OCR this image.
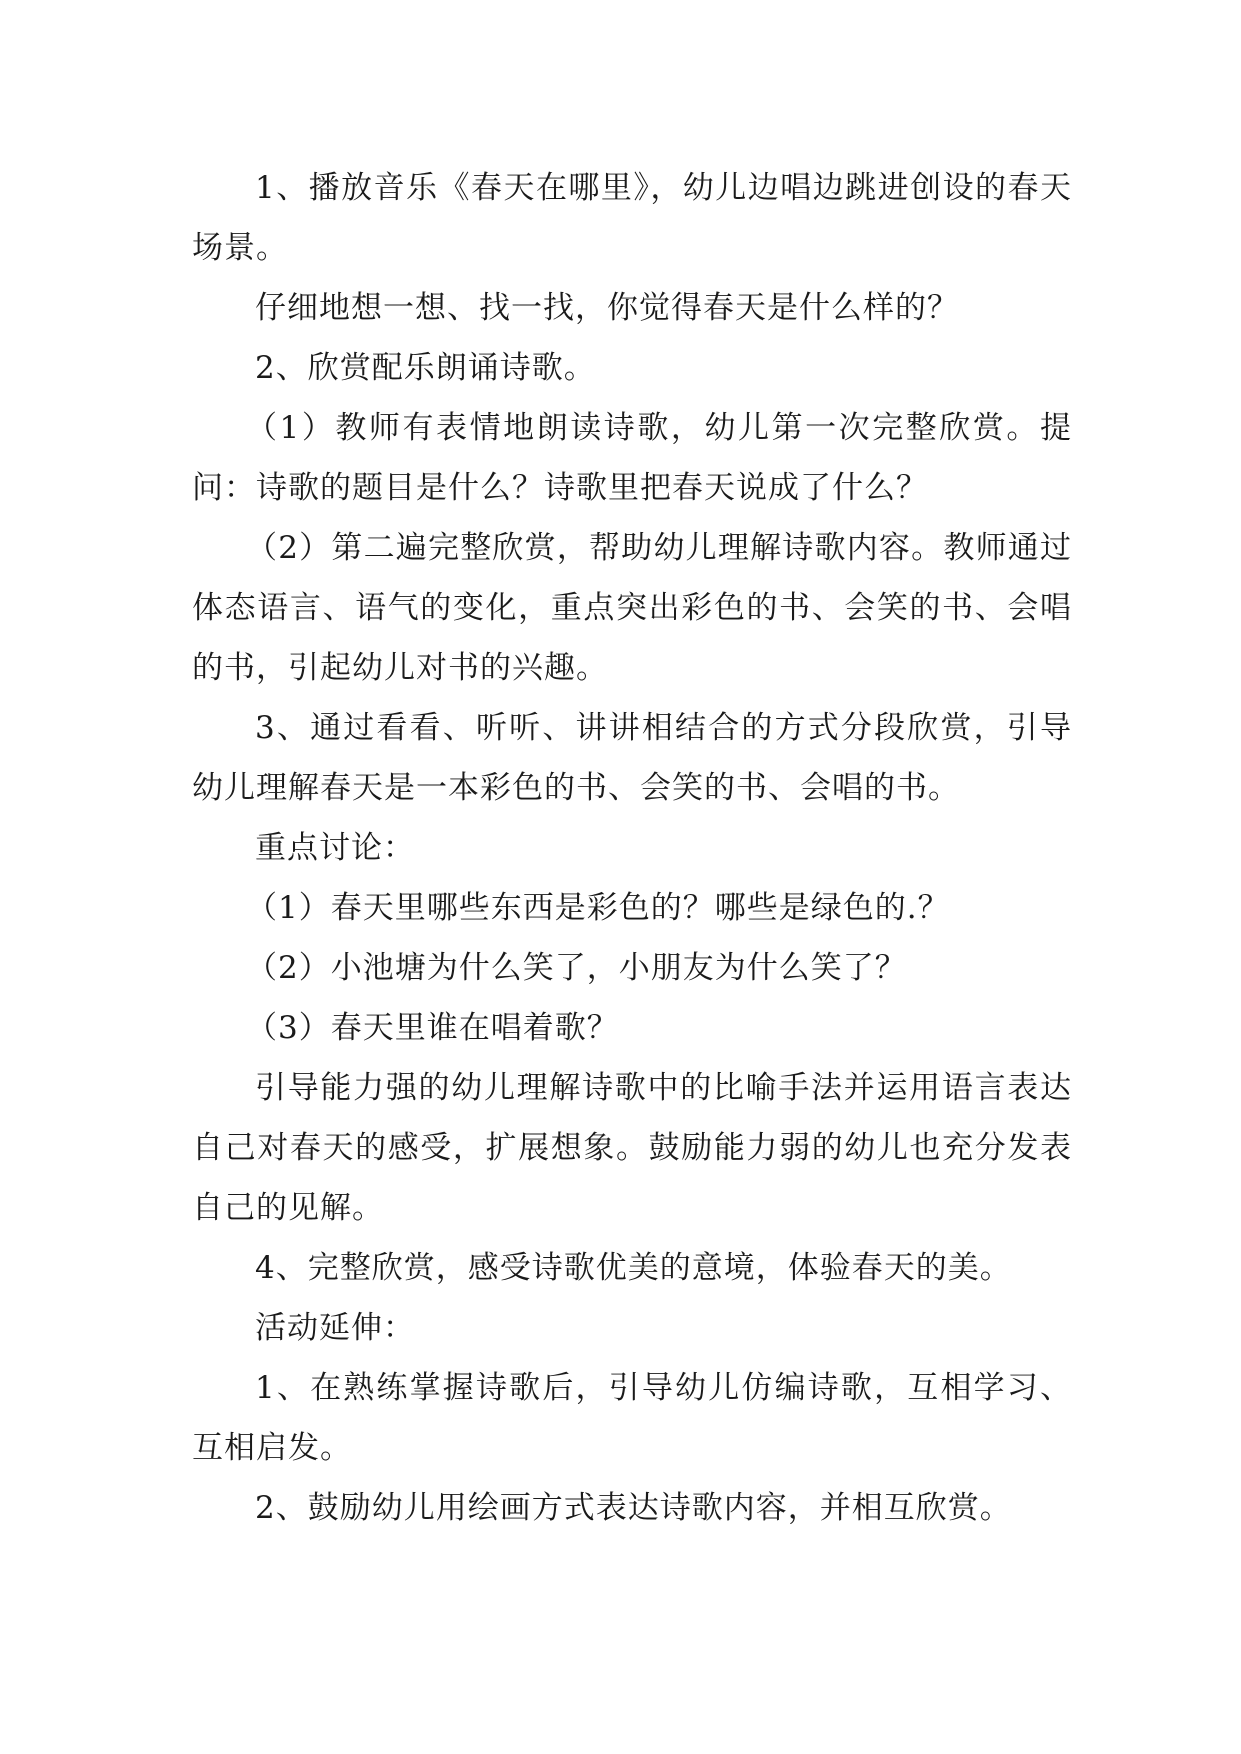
1、播放音乐《春天在哪里》，幼儿边唱边跳进创设的春天场景。

仔细地想一想、找一找，你觉得春天是什么样的？

2、欣赏配乐朗诵诗歌。

（1）教师有表情地朗读诗歌，幼儿第一次完整欣赏。提问：诗歌的题目是什么？诗歌里把春天说成了什么？

（2）第二遍完整欣赏，帮助幼儿理解诗歌内容。教师通过体态语言、语气的变化，重点突出彩色的书、会笑的书、会唱的书，引起幼儿对书的兴趣。

3、通过看看、听听、讲讲相结合的方式分段欣赏，引导幼儿理解春天是一本彩色的书、会笑的书、会唱的书。

重点讨论：

（1）春天里哪些东西是彩色的？哪些是绿色的.？

（2）小池塘为什么笑了，小朋友为什么笑了？

（3）春天里谁在唱着歌？

引导能力强的幼儿理解诗歌中的比喻手法并运用语言表达自己对春天的感受，扩展想象。鼓励能力弱的幼儿也充分发表自己的见解。

4、完整欣赏，感受诗歌优美的意境，体验春天的美。

活动延伸：

1、在熟练掌握诗歌后，引导幼儿仿编诗歌，互相学习、互相启发。

2、鼓励幼儿用绘画方式表达诗歌内容，并相互欣赏。
